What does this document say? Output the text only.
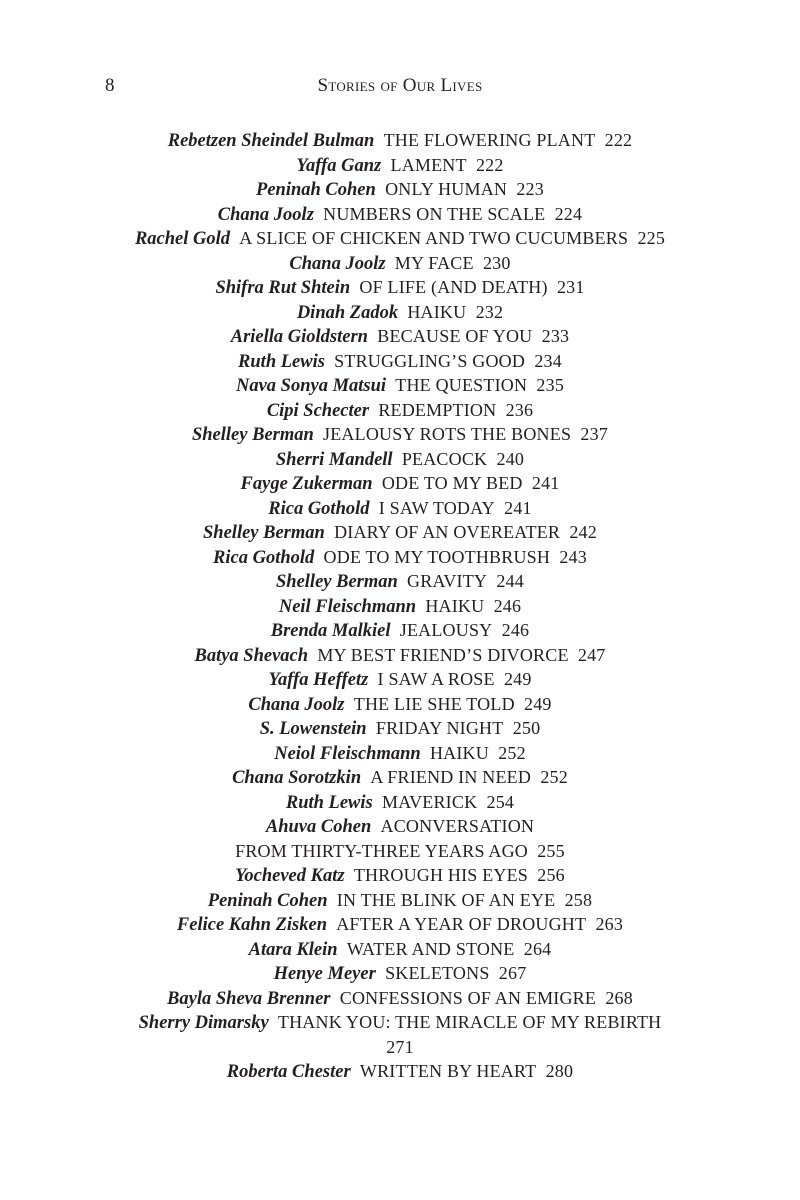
8	Stories of Our Lives
Rebetzen Sheindel Bulman  THE FLOWERING PLANT  222
Yaffa Ganz  LAMENT  222
Peninah Cohen  ONLY HUMAN  223
Chana Joolz  NUMBERS ON THE SCALE  224
Rachel Gold  A SLICE OF CHICKEN AND TWO CUCUMBERS  225
Chana Joolz  MY FACE  230
Shifra Rut Shtein  OF LIFE (AND DEATH)  231
Dinah Zadok  HAIKU  232
Ariella Gioldstern  BECAUSE OF YOU  233
Ruth Lewis  STRUGGLING’S GOOD  234
Nava Sonya Matsui  THE QUESTION  235
Cipi Schecter  REDEMPTION  236
Shelley Berman  JEALOUSY ROTS THE BONES  237
Sherri Mandell  PEACOCK  240
Fayge Zukerman  ODE TO MY BED  241
Rica Gothold  I SAW TODAY  241
Shelley Berman  DIARY OF AN OVEREATER  242
Rica Gothold  ODE TO MY TOOTHBRUSH  243
Shelley Berman  GRAVITY  244
Neil Fleischmann  HAIKU  246
Brenda Malkiel  JEALOUSY  246
Batya Shevach  MY BEST FRIEND’S DIVORCE  247
Yaffa Heffetz  I SAW A ROSE  249
Chana Joolz  THE LIE SHE TOLD  249
S. Lowenstein  FRIDAY NIGHT  250
Neiol Fleischmann  HAIKU  252
Chana Sorotzkin  A FRIEND IN NEED  252
Ruth Lewis  MAVERICK  254
Ahuva Cohen  ACONVERSATION
FROM THIRTY-THREE YEARS AGO  255
Yocheved Katz  THROUGH HIS EYES  256
Peninah Cohen  IN THE BLINK OF AN EYE  258
Felice Kahn Zisken  AFTER A YEAR OF DROUGHT  263
Atara Klein  WATER AND STONE  264
Henye Meyer  SKELETONS  267
Bayla Sheva Brenner  CONFESSIONS OF AN EMIGRE  268
Sherry Dimarsky  THANK YOU: THE MIRACLE OF MY REBIRTH
271
Roberta Chester  WRITTEN BY HEART  280
